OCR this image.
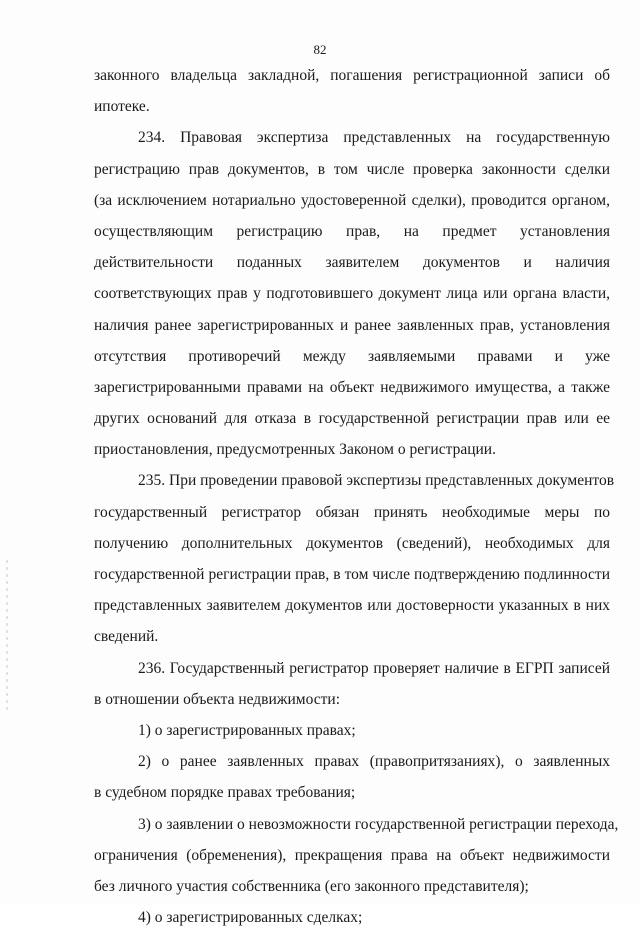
82
законного владельца закладной, погашения регистрационной записи об
ипотеке.
234. Правовая экспертиза представленных на государственную
регистрацию прав документов, в том числе проверка законности сделки
(за исключением нотариально удостоверенной сделки), проводится органом,
осуществляющим регистрацию прав, на предмет установления
действительности поданных заявителем документов и наличия
соответствующих прав у подготовившего документ лица или органа власти,
наличия ранее зарегистрированных и ранее заявленных прав, установления
отсутствия противоречий между заявляемыми правами и уже
зарегистрированными правами на объект недвижимого имущества, а также
других оснований для отказа в государственной регистрации прав или ее
приостановления, предусмотренных Законом о регистрации.
235. При проведении правовой экспертизы представленных документов
государственный регистратор обязан принять необходимые меры по
получению дополнительных документов (сведений), необходимых для
государственной регистрации прав, в том числе подтверждению подлинности
представленных заявителем документов или достоверности указанных в них
сведений.
236. Государственный регистратор проверяет наличие в ЕГРП записей
в отношении объекта недвижимости:
1) о зарегистрированных правах;
2) о ранее заявленных правах (правопритязаниях), о заявленных
в судебном порядке правах требования;
3) о заявлении о невозможности государственной регистрации перехода,
ограничения (обременения), прекращения права на объект недвижимости
без личного участия собственника (его законного представителя);
4) о зарегистрированных сделках;
